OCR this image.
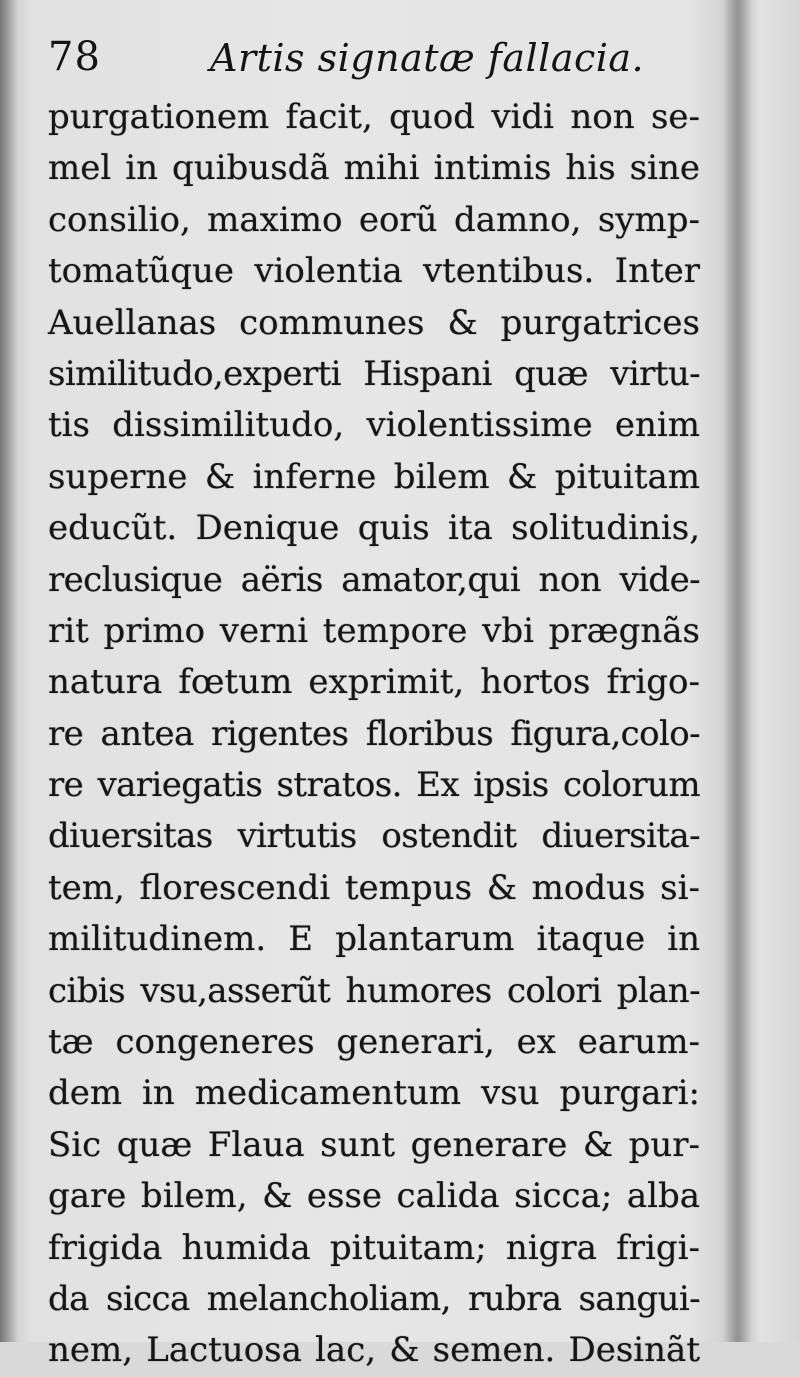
78	Artis signatæ fallacia.
purgationem facit, quod vidi non se-
mel in quibusdã mihi intimis his sine
consilio, maximo eorũ damno, symp-
tomatũque violentia vtentibus. Inter
Auellanas communes & purgatrices
similitudo,experti Hispani quæ virtu-
tis dissimilitudo, violentissime enim
superne & inferne bilem & pituitam
educũt. Denique quis ita solitudinis,
reclusique aëris amator,qui non vide-
rit primo verni tempore vbi prægnãs
natura fœtum exprimit, hortos frigo-
re antea rigentes floribus figura,colo-
re variegatis stratos. Ex ipsis colorum
diuersitas virtutis ostendit diuersita-
tem, florescendi tempus & modus si-
militudinem. E plantarum itaque in
cibis vsu,asserũt humores colori plan-
tæ congeneres generari, ex earum-
dem in medicamentum vsu purgari:
Sic quæ Flaua sunt generare & pur-
gare bilem, & esse calida sicca; alba
frigida humida pituitam; nigra frigi-
da sicca melancholiam, rubra sangui-
nem, Lactuosa lac, & semen. Desinãt
